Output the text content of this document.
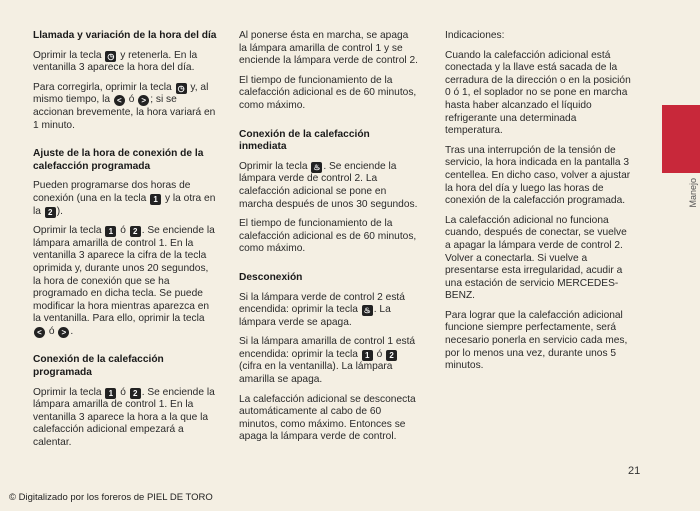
Llamada y variación de la hora del día

Oprimir la tecla ◷ y retenerla. En la ventanilla 3 aparece la hora del día.

Para corregirla, oprimir la tecla ◷ y, al mismo tiempo, la < ó > ; si se accionan brevemente, la hora variará en 1 minuto.

Ajuste de la hora de conexión de la calefacción programada

Pueden programarse dos horas de conexión (una en la tecla 1 y la otra en la 2 ).

Oprimir la tecla 1 ó 2 . Se enciende la lámpara amarilla de control 1. En la ventanilla 3 aparece la cifra de la tecla oprimida y, durante unos 20 segundos, la hora de conexión que se ha programado en dicha tecla. Se puede modificar la hora mientras aparezca en la ventanilla. Para ello, oprimir la tecla < ó > .

Conexión de la calefacción programada

Oprimir la tecla 1 ó 2 . Se enciende la lámpara amarilla de control 1. En la ventanilla 3 aparece la hora a la que la calefacción adicional empezará a calentar.

Al ponerse ésta en marcha, se apaga la lámpara amarilla de control 1 y se enciende la lámpara verde de control 2.

El tiempo de funcionamiento de la calefacción adicional es de 60 minutos, como máximo.

Conexión de la calefacción inmediata

Oprimir la tecla ♨ . Se enciende la lámpara verde de control 2. La calefacción adicional se pone en marcha después de unos 30 segundos.

El tiempo de funcionamiento de la calefacción adicional es de 60 minutos, como máximo.

Desconexión

Si la lámpara verde de control 2 está encendida: oprimir la tecla ♨ . La lámpara verde se apaga.

Si la lámpara amarilla de control 1 está encendida: oprimir la tecla 1 ó 2 (cifra en la ventanilla). La lámpara amarilla se apaga.

La calefacción adicional se desconecta automáticamente al cabo de 60 minutos, como máximo. Entonces se apaga la lámpara verde de control.

Indicaciones:

Cuando la calefacción adicional está conectada y la llave está sacada de la cerradura de la dirección o en la posición 0 ó 1, el soplador no se pone en marcha hasta haber alcanzado el líquido refrigerante una determinada temperatura.

Tras una interrupción de la tensión de servicio, la hora indicada en la pantalla 3 centellea. En dicho caso, volver a ajustar la hora del día y luego las horas de conexión de la calefacción programada.

La calefacción adicional no funciona cuando, después de conectar, se vuelve a apagar la lámpara verde de control 2. Volver a conectarla. Si vuelve a presentarse esta irregularidad, acudir a una estación de servicio MERCEDES-BENZ.

Para lograr que la calefacción adicional funcione siempre perfectamente, será necesario ponerla en servicio cada mes, por lo menos una vez, durante unos 5 minutos.

Manejo
21
© Digitalizado por los foreros de PIEL DE TORO
